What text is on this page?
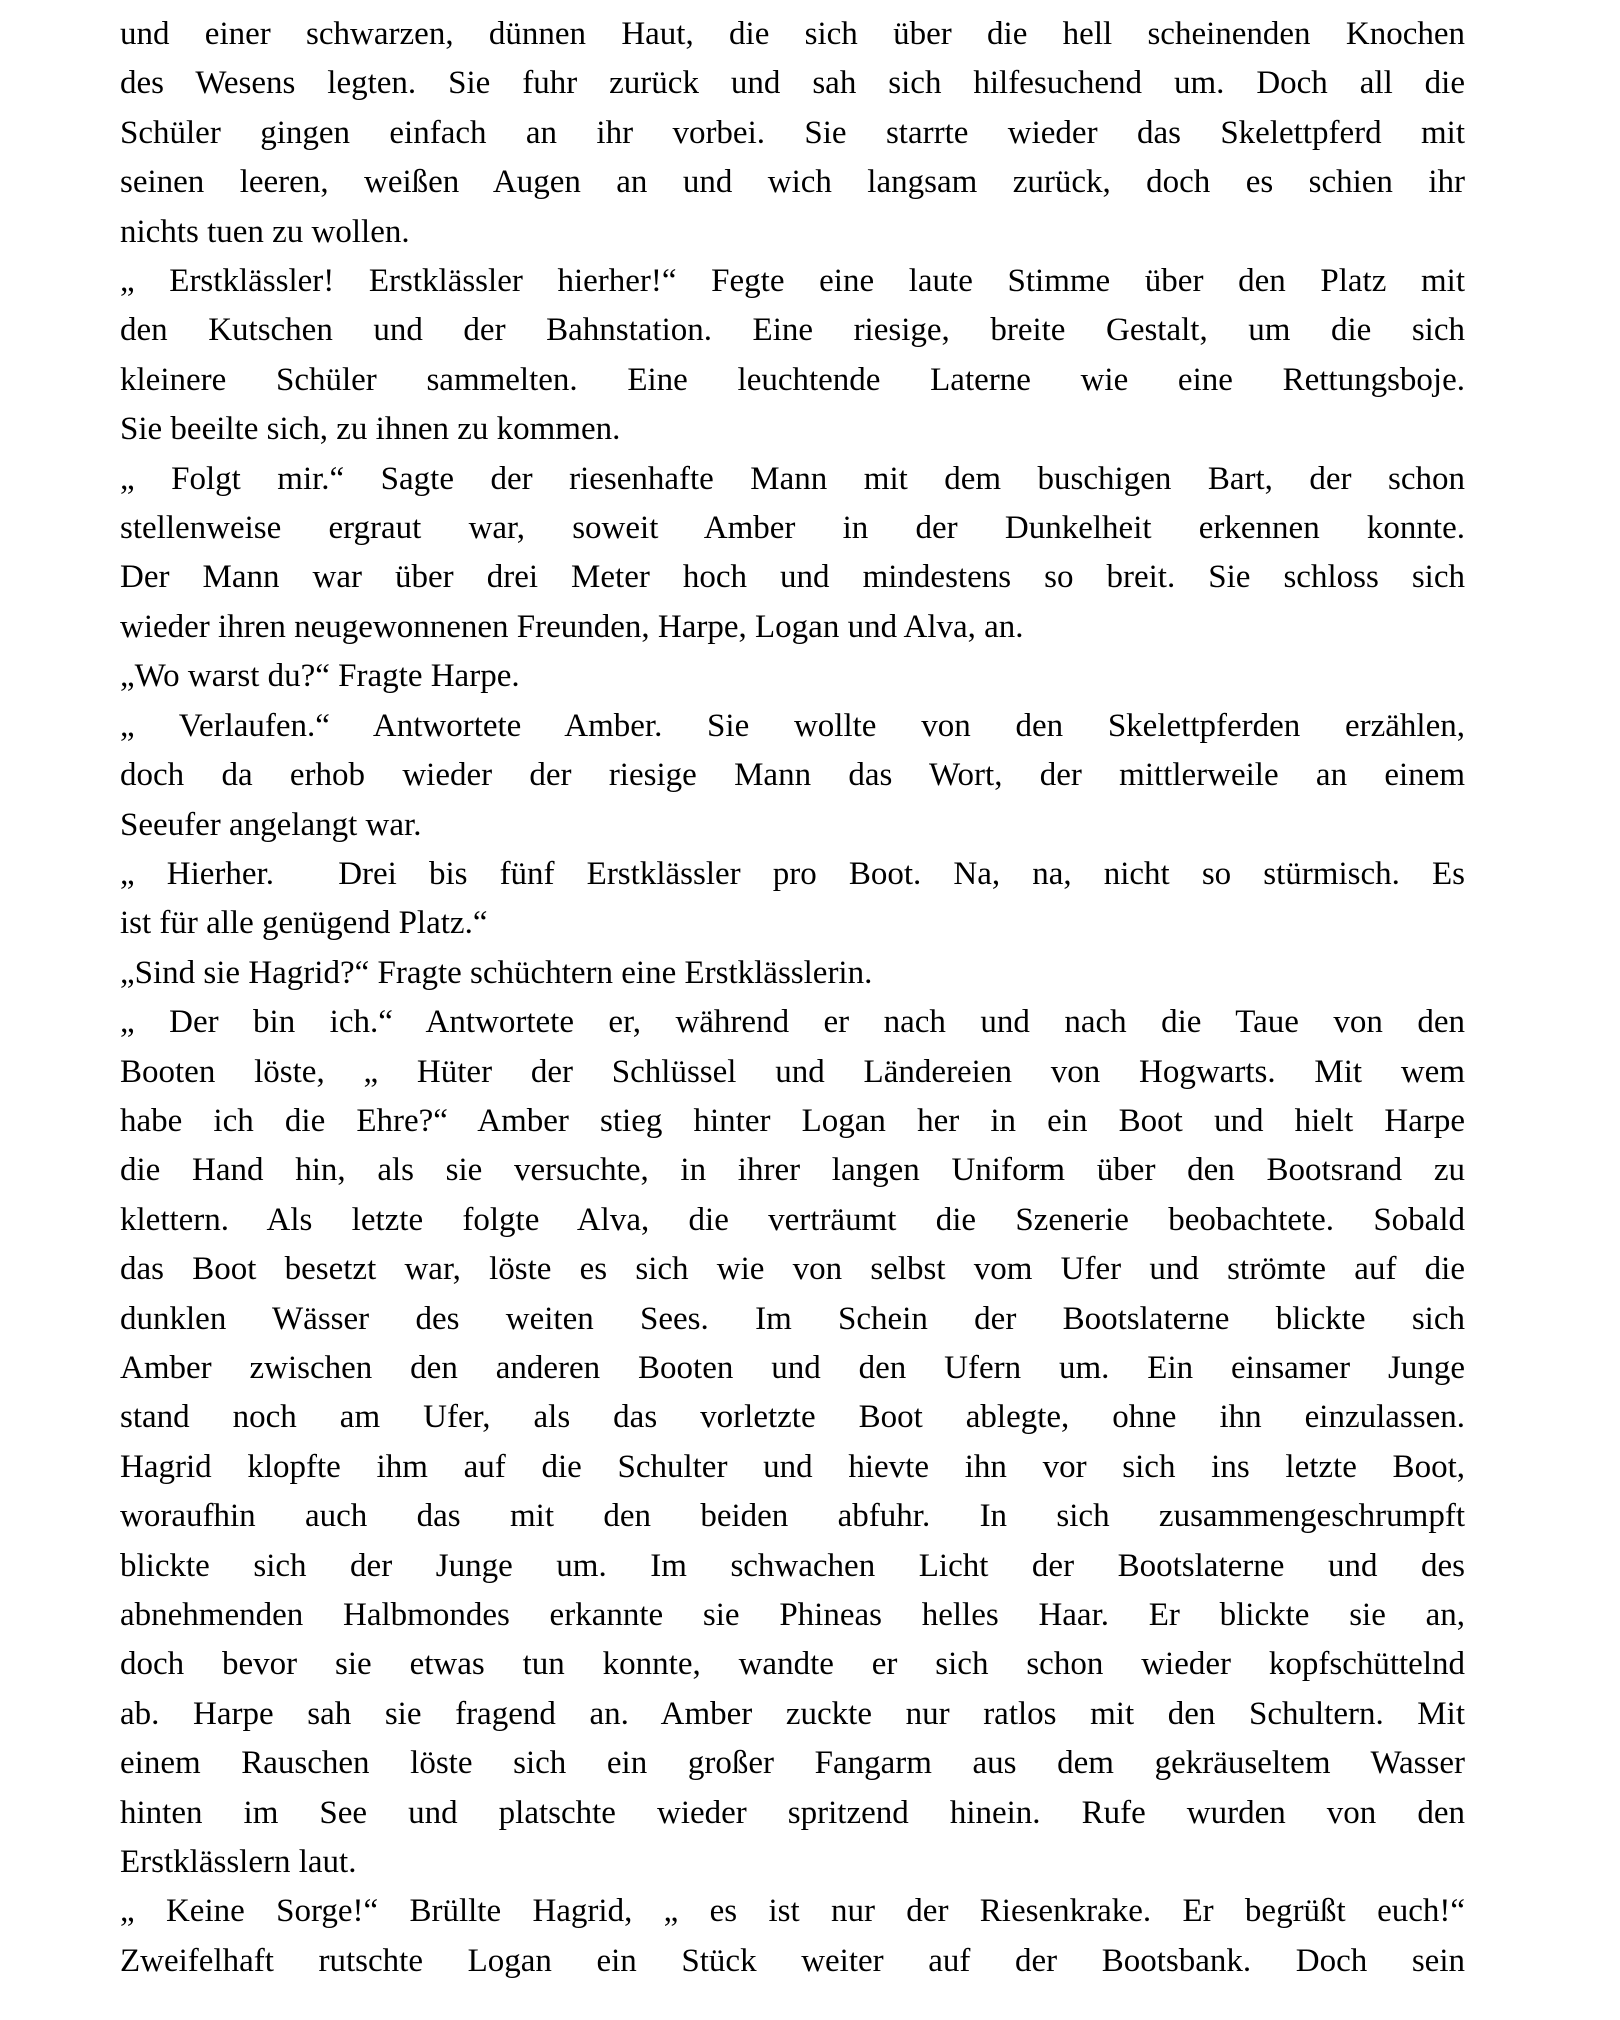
und einer schwarzen, dünnen Haut, die sich über die hell scheinenden Knochen
des Wesens legten. Sie fuhr zurück und sah sich hilfesuchend um. Doch all die
Schüler gingen einfach an ihr vorbei. Sie starrte wieder das Skelettpferd mit
seinen leeren, weißen Augen an und wich langsam zurück, doch es schien ihr
nichts tuen zu wollen.
„ Erstklässler! Erstklässler hierher!“ Fegte eine laute Stimme über den Platz mit
den Kutschen und der Bahnstation. Eine riesige, breite Gestalt, um die sich
kleinere Schüler sammelten. Eine leuchtende Laterne wie eine Rettungsboje.
Sie beeilte sich, zu ihnen zu kommen.
„ Folgt mir.“ Sagte der riesenhafte Mann mit dem buschigen Bart, der schon
stellenweise ergraut war, soweit Amber in der Dunkelheit erkennen konnte.
Der Mann war über drei Meter hoch und mindestens so breit. Sie schloss sich
wieder ihren neugewonnenen Freunden, Harpe, Logan und Alva, an.
„Wo warst du?“ Fragte Harpe.
„ Verlaufen.“ Antwortete Amber. Sie wollte von den Skelettpferden erzählen,
doch da erhob wieder der riesige Mann das Wort, der mittlerweile an einem
Seeufer angelangt war.
„ Hierher.  Drei bis fünf Erstklässler pro Boot. Na, na, nicht so stürmisch. Es
ist für alle genügend Platz.“
„Sind sie Hagrid?“ Fragte schüchtern eine Erstklässlerin.
„ Der bin ich.“ Antwortete er, während er nach und nach die Taue von den
Booten löste, „ Hüter der Schlüssel und Ländereien von Hogwarts. Mit wem
habe ich die Ehre?“ Amber stieg hinter Logan her in ein Boot und hielt Harpe
die Hand hin, als sie versuchte, in ihrer langen Uniform über den Bootsrand zu
klettern. Als letzte folgte Alva, die verträumt die Szenerie beobachtete. Sobald
das Boot besetzt war, löste es sich wie von selbst vom Ufer und strömte auf die
dunklen Wässer des weiten Sees. Im Schein der Bootslaterne blickte sich
Amber zwischen den anderen Booten und den Ufern um. Ein einsamer Junge
stand noch am Ufer, als das vorletzte Boot ablegte, ohne ihn einzulassen.
Hagrid klopfte ihm auf die Schulter und hievte ihn vor sich ins letzte Boot,
woraufhin auch das mit den beiden abfuhr. In sich zusammengeschrumpft
blickte sich der Junge um. Im schwachen Licht der Bootslaterne und des
abnehmenden Halbmondes erkannte sie Phineas helles Haar. Er blickte sie an,
doch bevor sie etwas tun konnte, wandte er sich schon wieder kopfschüttelnd
ab. Harpe sah sie fragend an. Amber zuckte nur ratlos mit den Schultern. Mit
einem Rauschen löste sich ein großer Fangarm aus dem gekräuseltem Wasser
hinten im See und platschte wieder spritzend hinein. Rufe wurden von den
Erstklässlern laut.
„ Keine Sorge!“ Brüllte Hagrid, „ es ist nur der Riesenkrake. Er begrüßt euch!“
Zweifelhaft rutschte Logan ein Stück weiter auf der Bootsbank. Doch sein
